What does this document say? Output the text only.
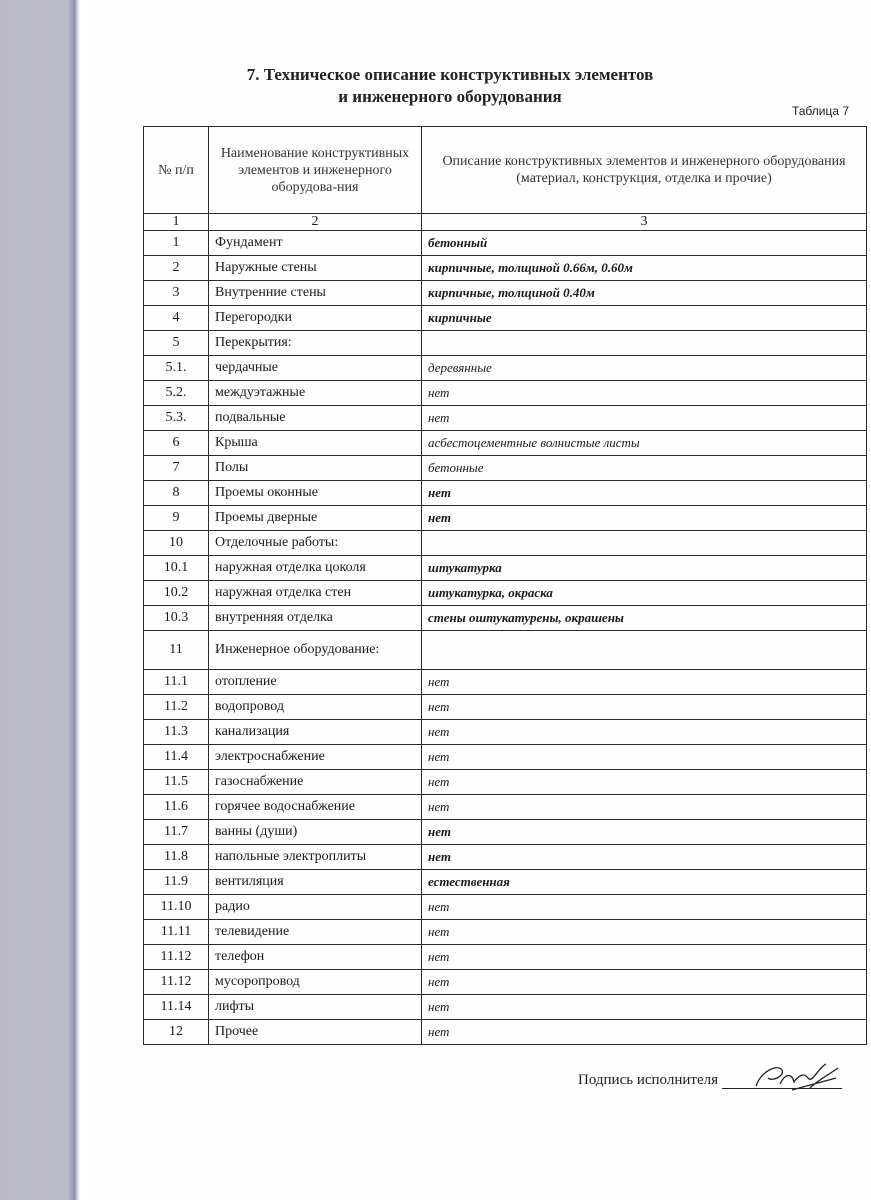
7. Техническое описание конструктивных элементов
и инженерного оборудования
Таблица 7
№ п/п	Наименование конструктивных элементов и инженерного оборудова-ния	Описание конструктивных элементов и инженерного оборудования (материал, конструкция, отделка и прочие)
1	2	3
1	Фундамент	бетонный
2	Наружные стены	кирпичные, толщиной 0.66м, 0.60м
3	Внутренние стены	кирпичные, толщиной 0.40м
4	Перегородки	кирпичные
5	Перекрытия:	
5.1.	чердачные	деревянные
5.2.	междуэтажные	нет
5.3.	подвальные	нет
6	Крыша	асбестоцементные волнистые листы
7	Полы	бетонные
8	Проемы оконные	нет
9	Проемы дверные	нет
10	Отделочные работы:	
10.1	наружная отделка цоколя	штукатурка
10.2	наружная отделка стен	штукатурка, окраска
10.3	внутренняя отделка	стены оштукатурены, окрашены
11	Инженерное оборудование:	
11.1	отопление	нет
11.2	водопровод	нет
11.3	канализация	нет
11.4	электроснабжение	нет
11.5	газоснабжение	нет
11.6	горячее водоснабжение	нет
11.7	ванны (души)	нет
11.8	напольные электроплиты	нет
11.9	вентиляция	естественная
11.10	радио	нет
11.11	телевидение	нет
11.12	телефон	нет
11.12	мусоропровод	нет
11.14	лифты	нет
12	Прочее	нет
Подпись исполнителя
